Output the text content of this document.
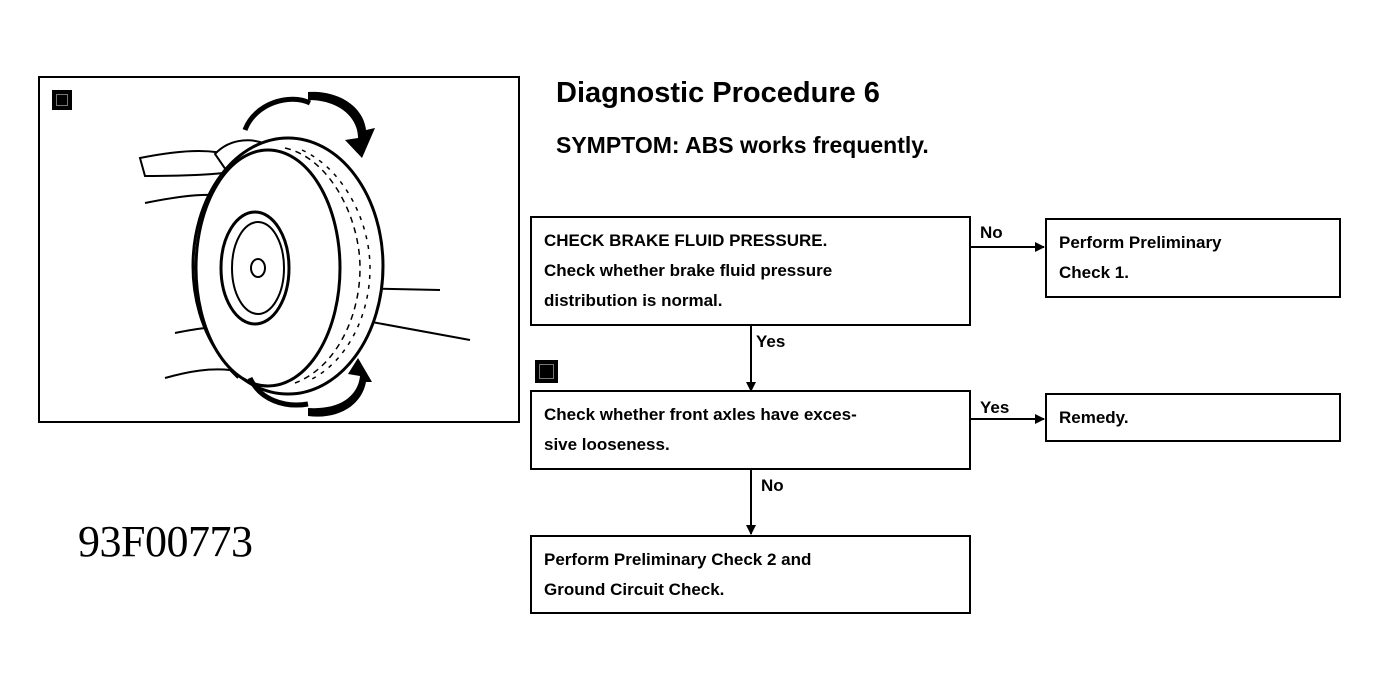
93F00773
Diagnostic Procedure 6
SYMPTOM: ABS works frequently.
CHECK BRAKE FLUID PRESSURE.
Check whether brake fluid pressure
distribution is normal.
Perform Preliminary
Check 1.
Check whether front axles have exces-
sive looseness.
Remedy.
Perform Preliminary Check 2 and
Ground Circuit Check.
No
Yes
Yes
No
